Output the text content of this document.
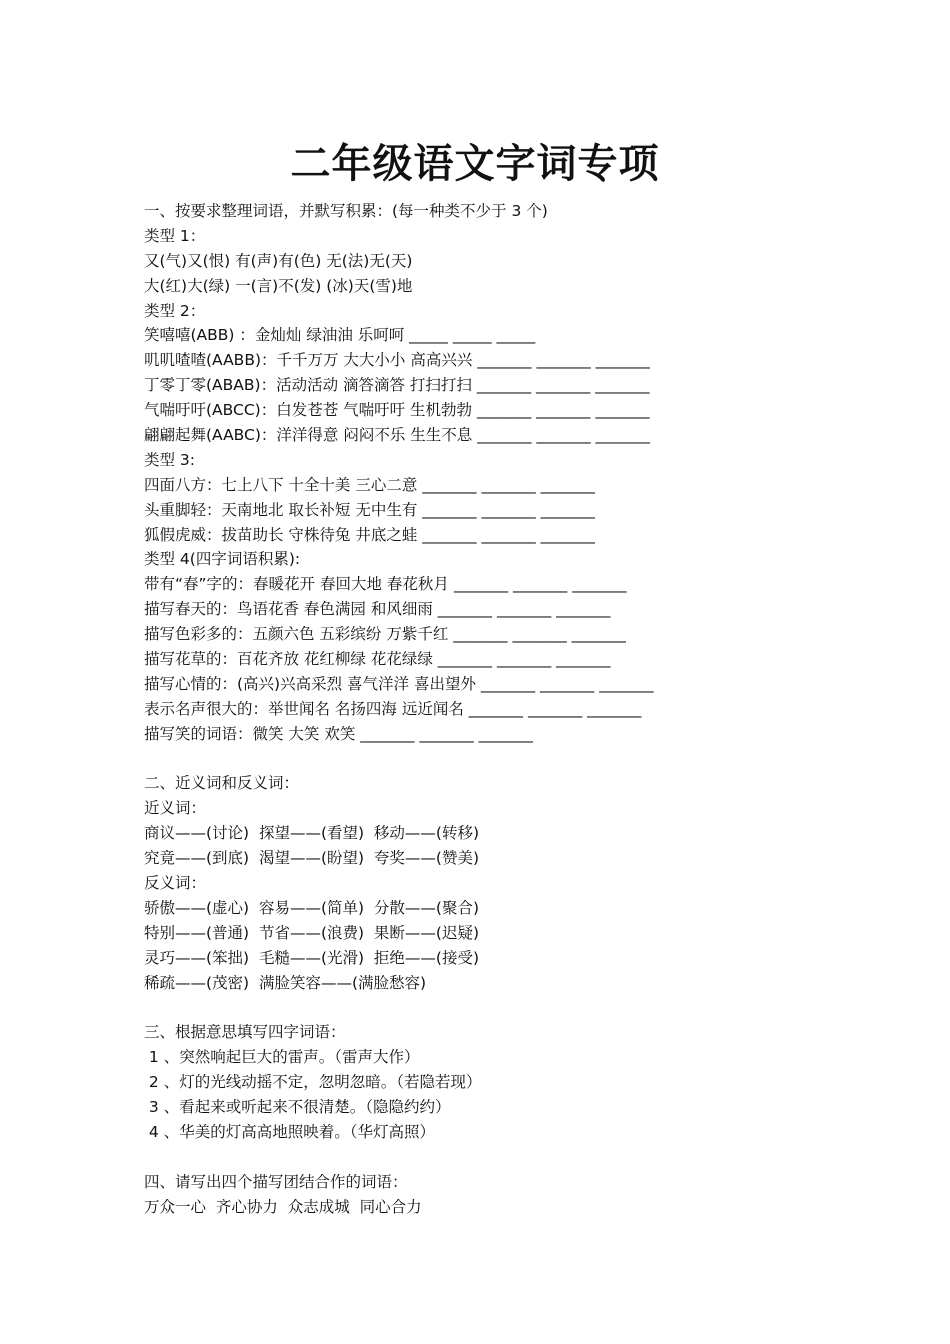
二年级语文字词专项
一、按要求整理词语，并默写积累：(每一种类不少于 3 个)
类型 1：
又(气)又(恨) 有(声)有(色) 无(法)无(天)
大(红)大(绿) 一(言)不(发) (冰)天(雪)地
类型 2：
笑嘻嘻(ABB) ：金灿灿 绿油油 乐呵呵 _____ _____ _____
叽叽喳喳(AABB)：千千万万 大大小小 高高兴兴 _______ _______ _______
丁零丁零(ABAB)：活动活动 滴答滴答 打扫打扫 _______ _______ _______
气喘吁吁(ABCC)：白发苍苍 气喘吁吁 生机勃勃 _______ _______ _______
翩翩起舞(AABC)：洋洋得意 闷闷不乐 生生不息 _______ _______ _______
类型 3:
四面八方：七上八下 十全十美 三心二意 _______ _______ _______
头重脚轻：天南地北 取长补短 无中生有 _______ _______ _______
狐假虎威：拔苗助长 守株待兔 井底之蛙 _______ _______ _______
类型 4(四字词语积累):
带有“春”字的：春暖花开 春回大地 春花秋月 _______ _______ _______
描写春天的：鸟语花香 春色满园 和风细雨 _______ _______ _______
描写色彩多的：五颜六色 五彩缤纷 万紫千红 _______ _______ _______
描写花草的：百花齐放 花红柳绿 花花绿绿 _______ _______ _______
描写心情的：(高兴)兴高采烈 喜气洋洋 喜出望外 _______ _______ _______
表示名声很大的：举世闻名 名扬四海 远近闻名 _______ _______ _______
描写笑的词语：微笑 大笑 欢笑 _______ _______ _______
二、近义词和反义词：
近义词：
商议——(讨论)  探望——(看望)  移动——(转移)
究竟——(到底)  渴望——(盼望)  夸奖——(赞美)
反义词：
骄傲——(虚心)  容易——(简单)  分散——(聚合)
特别——(普通)  节省——(浪费)  果断——(迟疑)
灵巧——(笨拙)  毛糙——(光滑)  拒绝——(接受)
稀疏——(茂密)  满脸笑容——(满脸愁容)
三、根据意思填写四字词语：
1 、突然响起巨大的雷声。（雷声大作）
2 、灯的光线动摇不定，忽明忽暗。（若隐若现）
3 、看起来或听起来不很清楚。（隐隐约约）
4 、华美的灯高高地照映着。（华灯高照）
四、请写出四个描写团结合作的词语：
万众一心  齐心协力  众志成城  同心合力
